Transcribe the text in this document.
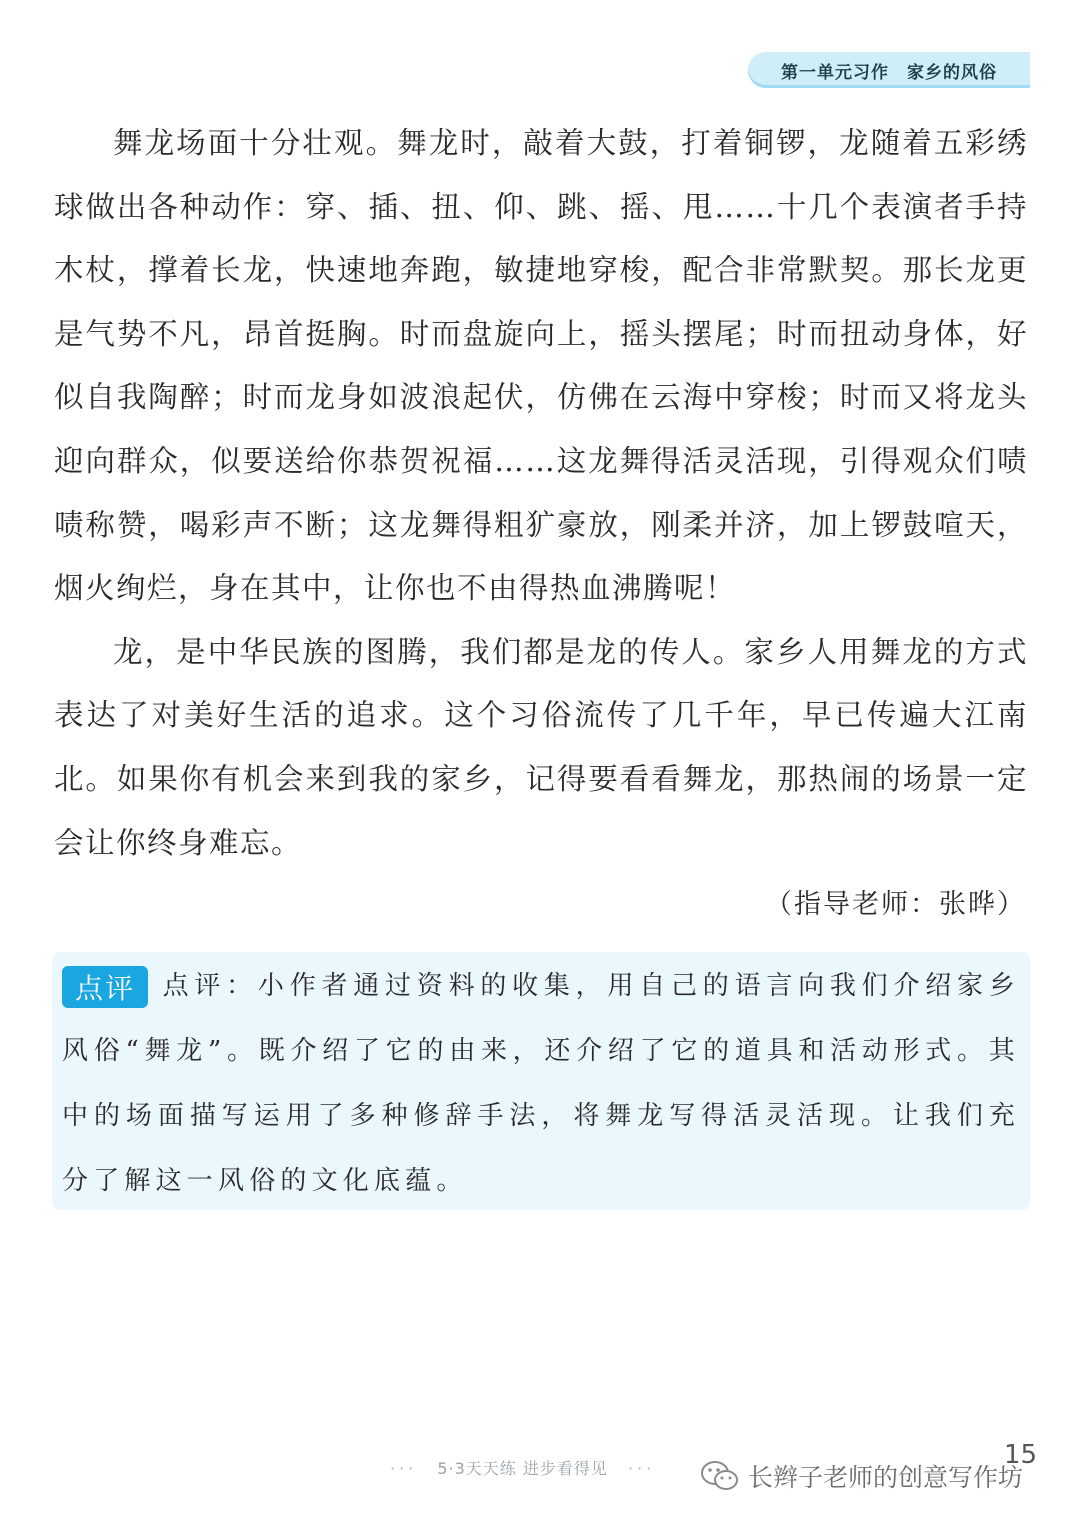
第一单元习作 家乡的风俗

舞龙场面十分壮观。舞龙时，敲着大鼓，打着铜锣，龙随着五彩绣球做出各种动作：穿、插、扭、仰、跳、摇、甩……十几个表演者手持木杖，撑着长龙，快速地奔跑，敏捷地穿梭，配合非常默契。那长龙更是气势不凡，昂首挺胸。时而盘旋向上，摇头摆尾；时而扭动身体，好似自我陶醉；时而龙身如波浪起伏，仿佛在云海中穿梭；时而又将龙头迎向群众，似要送给你恭贺祝福……这龙舞得活灵活现，引得观众们啧啧称赞，喝彩声不断；这龙舞得粗犷豪放，刚柔并济，加上锣鼓喧天，烟火绚烂，身在其中，让你也不由得热血沸腾呢！

龙，是中华民族的图腾，我们都是龙的传人。家乡人用舞龙的方式表达了对美好生活的追求。这个习俗流传了几千年，早已传遍大江南北。如果你有机会来到我的家乡，记得要看看舞龙，那热闹的场景一定会让你终身难忘。

（指导老师：张晔）
点评	点评：小作者通过资料的收集，用自己的语言向我们介绍家乡风俗“舞龙”。既介绍了它的由来，还介绍了它的道具和活动形式。其中的场面描写运用了多种修辞手法，将舞龙写得活灵活现。让我们充分了解这一风俗的文化底蕴。
··· 5·3天天练 进步看得见 ···	15
长辫子老师的创意写作坊
